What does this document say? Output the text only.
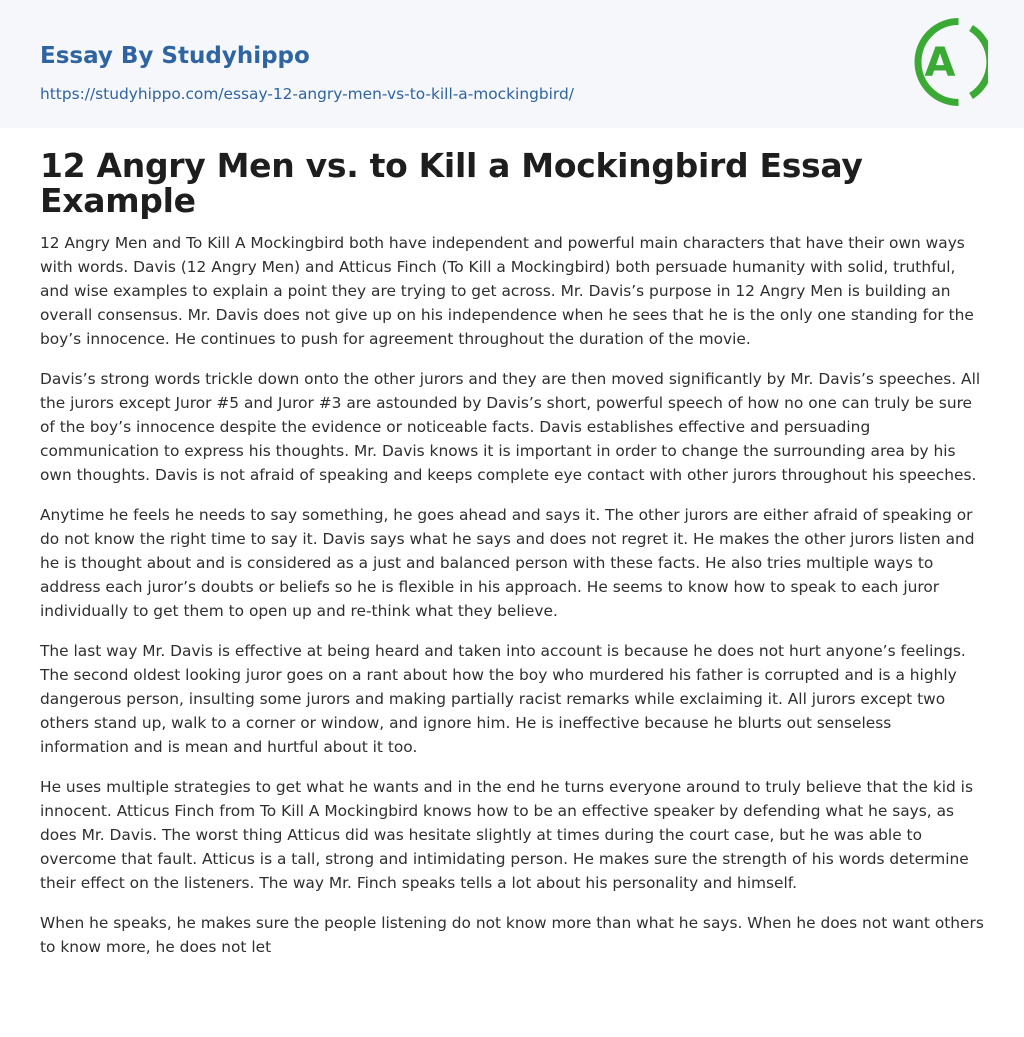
Essay By Studyhippo
https://studyhippo.com/essay-12-angry-men-vs-to-kill-a-mockingbird/
A
12 Angry Men vs. to Kill a Mockingbird Essay Example

12 Angry Men and To Kill A Mockingbird both have independent and powerful main characters that have their own ways with words. Davis (12 Angry Men) and Atticus Finch (To Kill a Mockingbird) both persuade humanity with solid, truthful, and wise examples to explain a point they are trying to get across. Mr. Davis’s purpose in 12 Angry Men is building an overall consensus. Mr. Davis does not give up on his independence when he sees that he is the only one standing for the boy’s innocence. He continues to push for agreement throughout the duration of the movie.

Davis’s strong words trickle down onto the other jurors and they are then moved significantly by Mr. Davis’s speeches. All the jurors except Juror #5 and Juror #3 are astounded by Davis’s short, powerful speech of how no one can truly be sure of the boy’s innocence despite the evidence or noticeable facts. Davis establishes effective and persuading communication to express his thoughts. Mr. Davis knows it is important in order to change the surrounding area by his own thoughts. Davis is not afraid of speaking and keeps complete eye contact with other jurors throughout his speeches.

Anytime he feels he needs to say something, he goes ahead and says it. The other jurors are either afraid of speaking or do not know the right time to say it. Davis says what he says and does not regret it. He makes the other jurors listen and he is thought about and is considered as a just and balanced person with these facts. He also tries multiple ways to address each juror’s doubts or beliefs so he is flexible in his approach. He seems to know how to speak to each juror individually to get them to open up and re-think what they believe.

The last way Mr. Davis is effective at being heard and taken into account is because he does not hurt anyone’s feelings. The second oldest looking juror goes on a rant about how the boy who murdered his father is corrupted and is a highly dangerous person, insulting some jurors and making partially racist remarks while exclaiming it. All jurors except two others stand up, walk to a corner or window, and ignore him. He is ineffective because he blurts out senseless information and is mean and hurtful about it too.

He uses multiple strategies to get what he wants and in the end he turns everyone around to truly believe that the kid is innocent. Atticus Finch from To Kill A Mockingbird knows how to be an effective speaker by defending what he says, as does Mr. Davis. The worst thing Atticus did was hesitate slightly at times during the court case, but he was able to overcome that fault. Atticus is a tall, strong and intimidating person. He makes sure the strength of his words determine their effect on the listeners. The way Mr. Finch speaks tells a lot about his personality and himself.

When he speaks, he makes sure the people listening do not know more than what he says. When he does not want others to know more, he does not let
